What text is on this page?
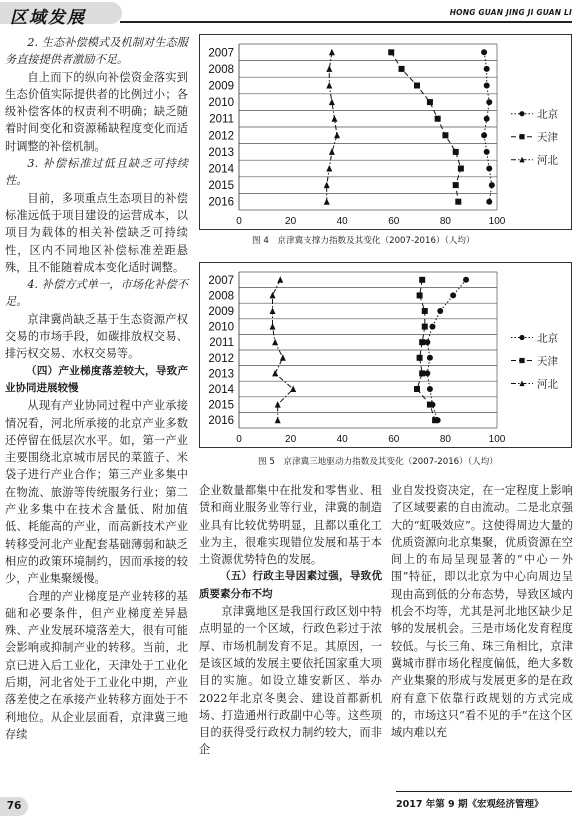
区域发展	HONG GUAN JING JI GUAN LI

2. 生态补偿模式及机制对生态服务直接提供者激励不足。

自上而下的纵向补偿资金落实到生态价值实际提供者的比例过小；各级补偿客体的权责利不明确；缺乏随着时间变化和资源稀缺程度变化而适时调整的补偿机制。

3. 补偿标准过低且缺乏可持续性。

目前，多项重点生态项目的补偿标准远低于项目建设的运营成本，以项目为载体的相关补偿缺乏可持续性，区内不同地区补偿标准差距悬殊，且不能随着成本变化适时调整。

4. 补偿方式单一，市场化补偿不足。

京津冀尚缺乏基于生态资源产权交易的市场手段，如碳排放权交易、排污权交易、水权交易等。

（四）产业梯度落差较大，导致产业协同进展较慢

从现有产业协同过程中产业承接情况看，河北所承接的北京产业多数还停留在低层次水平。如，第一产业主要围绕北京城市居民的菜篮子、米袋子进行产业合作；第三产业多集中在物流、旅游等传统服务行业；第二产业多集中在技术含量低、附加值低、耗能高的产业，而高新技术产业转移受河北产业配套基础薄弱和缺乏相应的政策环境制约，因而承接的较少，产业集聚缓慢。

合理的产业梯度是产业转移的基础和必要条件，但产业梯度差异悬殊、产业发展环境落差大，很有可能会影响或抑制产业的转移。当前，北京已进入后工业化，天津处于工业化后期，河北省处于工业化中期，产业落差使之在承接产业转移方面处于不利地位。从企业层面看，京津冀三地存续

2007
2008
2009
2010
2011
2012
2013
2014
2015
2016
0	20	40	60	80	100
北京
天津
河北
图 4　京津冀支撑力指数及其变化（2007-2016）（人均）
2007
2008
2009
2010
2011
2012
2013
2014
2015
2016
0	20	40	60	80	100
北京
天津
河北
图 5　京津冀三地驱动力指数及其变化（2007-2016）（人均）

企业数量都集中在批发和零售业、租赁和商业服务业等行业，津冀的制造业具有比较优势明显，且都以重化工业为主，很难实现错位发展和基于本土资源优势特色的发展。

（五）行政主导因素过强，导致优质要素分布不均

京津冀地区是我国行政区划中特点明显的一个区域，行政色彩过于浓厚、市场机制发育不足。其原因，一是该区域的发展主要依托国家重大项目的实施。如设立雄安新区、举办2022年北京冬奥会、建设首都新机场、打造通州行政副中心等。这些项目的获得受行政权力制约较大，而非企

业自发投资决定，在一定程度上影响了区域要素的自由流动。二是北京强大的“虹吸效应”。这使得周边大量的优质资源向北京集聚，优质资源在空间上的布局呈现显著的“中心－外围”特征，即以北京为中心向周边呈现由高到低的分布态势，导致区域内机会不均等，尤其是河北地区缺少足够的发展机会。三是市场化发育程度较低。与长三角、珠三角相比，京津冀城市群市场化程度偏低，绝大多数产业集聚的形成与发展更多的是在政府有意下依靠行政规划的方式完成的，市场这只“看不见的手”在这个区域内难以充

76	2017 年第 9 期《宏观经济管理》
